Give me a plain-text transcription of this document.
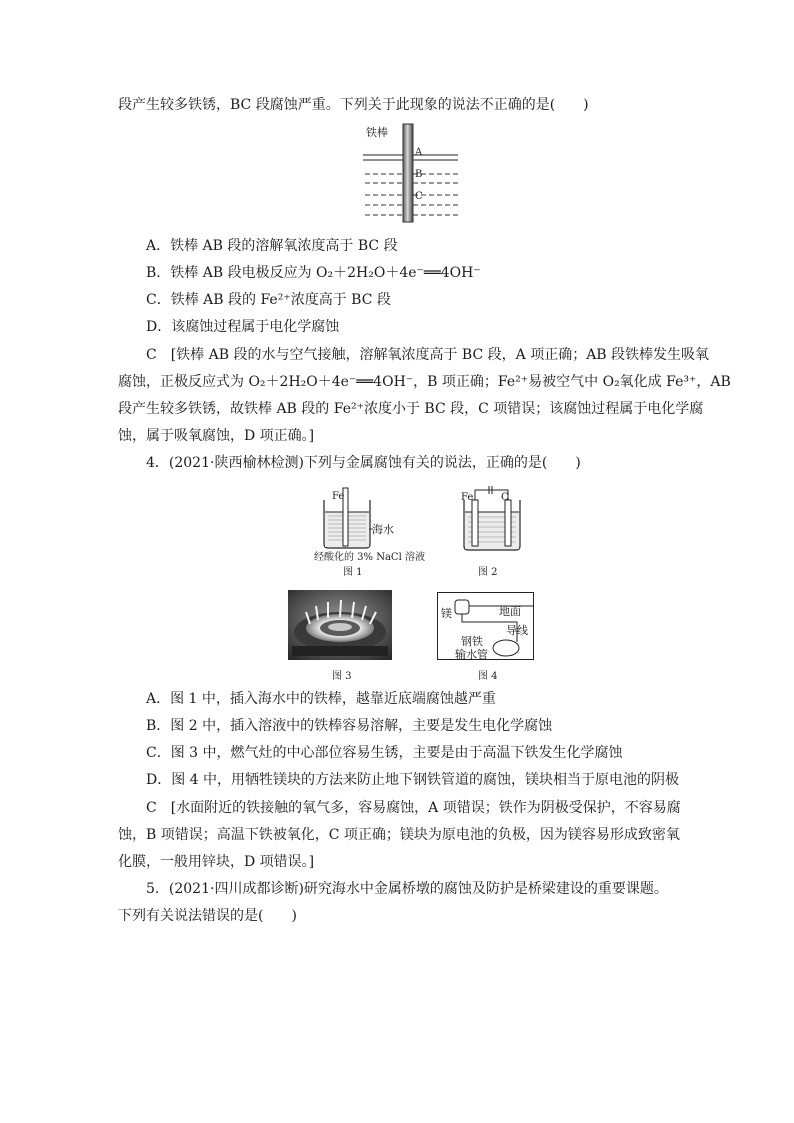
段产生较多铁锈，BC 段腐蚀严重。下列关于此现象的说法不正确的是(　　)
铁棒
A
B
C
A．铁棒 AB 段的溶解氧浓度高于 BC 段
B．铁棒 AB 段电极反应为 O₂＋2H₂O＋4e⁻══4OH⁻
C．铁棒 AB 段的 Fe²⁺浓度高于 BC 段
D．该腐蚀过程属于电化学腐蚀
C　[铁棒 AB 段的水与空气接触，溶解氧浓度高于 BC 段，A 项正确；AB 段铁棒发生吸氧
腐蚀，正极反应式为 O₂＋2H₂O＋4e⁻══4OH⁻，B 项正确；Fe²⁺易被空气中 O₂氧化成 Fe³⁺，AB
段产生较多铁锈，故铁棒 AB 段的 Fe²⁺浓度小于 BC 段，C 项错误；该腐蚀过程属于电化学腐
蚀，属于吸氧腐蚀，D 项正确。]
4．(2021·陕西榆林检测)下列与金属腐蚀有关的说法，正确的是(　　)
Fe
海水
经酸化的 3% NaCl 溶液
图 1
Fe	C
图 2
图 3
镁	地面
导线
钢铁
输水管
图 4
A．图 1 中，插入海水中的铁棒，越靠近底端腐蚀越严重
B．图 2 中，插入溶液中的铁棒容易溶解，主要是发生电化学腐蚀
C．图 3 中，燃气灶的中心部位容易生锈，主要是由于高温下铁发生化学腐蚀
D．图 4 中，用牺牲镁块的方法来防止地下钢铁管道的腐蚀，镁块相当于原电池的阴极
C　[水面附近的铁接触的氧气多，容易腐蚀，A 项错误；铁作为阴极受保护，不容易腐
蚀，B 项错误；高温下铁被氧化，C 项正确；镁块为原电池的负极，因为镁容易形成致密氧
化膜，一般用锌块，D 项错误。]
5．(2021·四川成都诊断)研究海水中金属桥墩的腐蚀及防护是桥梁建设的重要课题。
下列有关说法错误的是(　　)
